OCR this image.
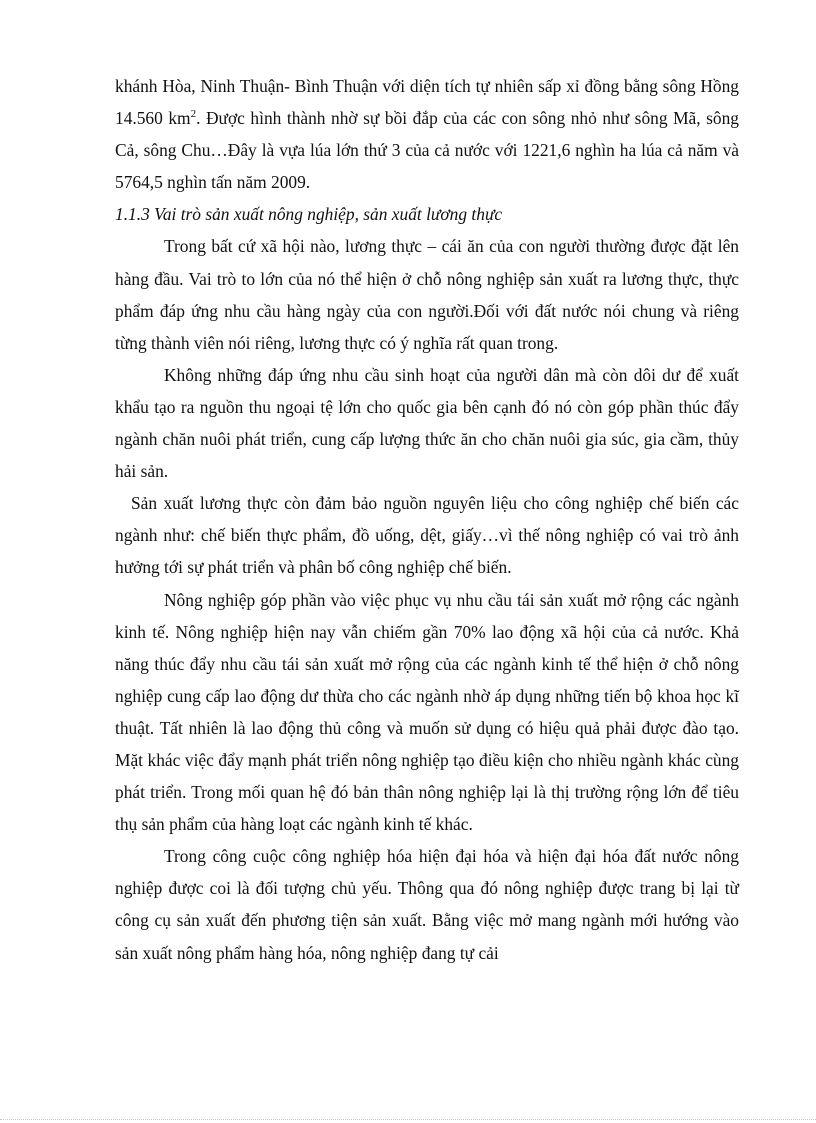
khánh Hòa, Ninh Thuận- Bình Thuận với diện tích tự nhiên sấp xỉ đồng bằng sông Hồng 14.560 $km^2$. Được hình thành nhờ sự bồi đắp của các con sông nhỏ như sông Mã, sông Cả, sông Chu…Đây là vựa lúa lớn thứ 3 của cả nước với 1221,6 nghìn ha lúa cả năm và 5764,5 nghìn tấn năm 2009.

1.1.3 Vai trò sản xuất nông nghiệp, sản xuất lương thực

Trong bất cứ xã hội nào, lương thực – cái ăn của con người thường được đặt lên hàng đầu. Vai trò to lớn của nó thể hiện ở chỗ nông nghiệp sản xuất ra lương thực, thực phẩm đáp ứng nhu cầu hàng ngày của con người.Đối với đất nước nói chung và riêng từng thành viên nói riêng, lương thực có ý nghĩa rất quan trong.

Không những đáp ứng nhu cầu sinh hoạt của người dân mà còn dôi dư để xuất khẩu tạo ra nguồn thu ngoại tệ lớn cho quốc gia bên cạnh đó nó còn góp phần thúc đẩy ngành chăn nuôi phát triển, cung cấp lượng thức ăn cho chăn nuôi gia súc, gia cầm, thủy hải sản.

Sản xuất lương thực còn đảm bảo nguồn nguyên liệu cho công nghiệp chế biến các ngành như: chế biến thực phẩm, đồ uống, dệt, giấy…vì thế nông nghiệp có vai trò ảnh hưởng tới sự phát triển và phân bố công nghiệp chế biến.

Nông nghiệp góp phần vào việc phục vụ nhu cầu tái sản xuất mở rộng các ngành kinh tế. Nông nghiệp hiện nay vẫn chiếm gần 70% lao động xã hội của cả nước. Khả năng thúc đẩy nhu cầu tái sản xuất mở rộng của các ngành kinh tế thể hiện ở chỗ nông nghiệp cung cấp lao động dư thừa cho các ngành nhờ áp dụng những tiến bộ khoa học kĩ thuật. Tất nhiên là lao động thủ công và muốn sử dụng có hiệu quả phải được đào tạo. Mặt khác việc đẩy mạnh phát triển nông nghiệp tạo điều kiện cho nhiều ngành khác cùng phát triển. Trong mối quan hệ đó bản thân nông nghiệp lại là thị trường rộng lớn để tiêu thụ sản phẩm của hàng loạt các ngành kinh tế khác.

Trong công cuộc công nghiệp hóa hiện đại hóa và hiện đại hóa đất nước nông nghiệp được coi là đối tượng chủ yếu. Thông qua đó nông nghiệp được trang bị lại từ công cụ sản xuất đến phương tiện sản xuất. Bằng việc mở mang ngành mới hướng vào sản xuất nông phẩm hàng hóa, nông nghiệp đang tự cải
